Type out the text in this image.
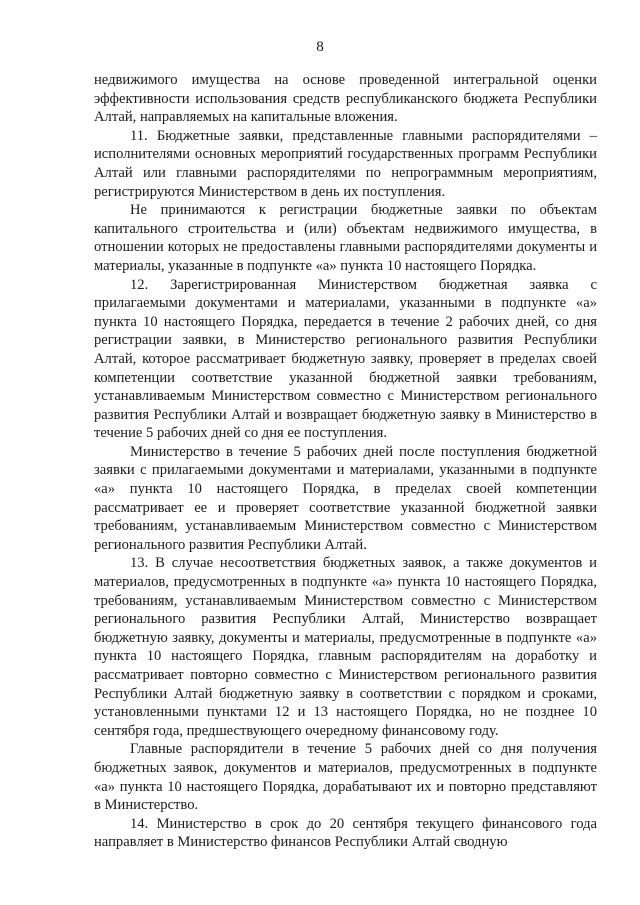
8

недвижимого имущества на основе проведенной интегральной оценки эффективности использования средств республиканского бюджета Республики Алтай, направляемых на капитальные вложения.

11. Бюджетные заявки, представленные главными распорядителями – исполнителями основных мероприятий государственных программ Республики Алтай или главными распорядителями по непрограммным мероприятиям, регистрируются Министерством в день их поступления.

Не принимаются к регистрации бюджетные заявки по объектам капитального строительства и (или) объектам недвижимого имущества, в отношении которых не предоставлены главными распорядителями документы и материалы, указанные в подпункте «а» пункта 10 настоящего Порядка.

12. Зарегистрированная Министерством бюджетная заявка с прилагаемыми документами и материалами, указанными в подпункте «а» пункта 10 настоящего Порядка, передается в течение 2 рабочих дней, со дня регистрации заявки, в Министерство регионального развития Республики Алтай, которое рассматривает бюджетную заявку, проверяет в пределах своей компетенции соответствие указанной бюджетной заявки требованиям, устанавливаемым Министерством совместно с Министерством регионального развития Республики Алтай и возвращает бюджетную заявку в Министерство в течение 5 рабочих дней со дня ее поступления.

Министерство в течение 5 рабочих дней после поступления бюджетной заявки с прилагаемыми документами и материалами, указанными в подпункте «а» пункта 10 настоящего Порядка, в пределах своей компетенции рассматривает ее и проверяет соответствие указанной бюджетной заявки требованиям, устанавливаемым Министерством совместно с Министерством регионального развития Республики Алтай.

13. В случае несоответствия бюджетных заявок, а также документов и материалов, предусмотренных в подпункте «а» пункта 10 настоящего Порядка, требованиям, устанавливаемым Министерством совместно с Министерством регионального развития Республики Алтай, Министерство возвращает бюджетную заявку, документы и материалы, предусмотренные в подпункте «а» пункта 10 настоящего Порядка, главным распорядителям на доработку и рассматривает повторно совместно с Министерством регионального развития Республики Алтай бюджетную заявку в соответствии с порядком и сроками, установленными пунктами 12 и 13 настоящего Порядка, но не позднее 10 сентября года, предшествующего очередному финансовому году.

Главные распорядители в течение 5 рабочих дней со дня получения бюджетных заявок, документов и материалов, предусмотренных в подпункте «а» пункта 10 настоящего Порядка, дорабатывают их и повторно представляют в Министерство.

14. Министерство в срок до 20 сентября текущего финансового года направляет в Министерство финансов Республики Алтай сводную
